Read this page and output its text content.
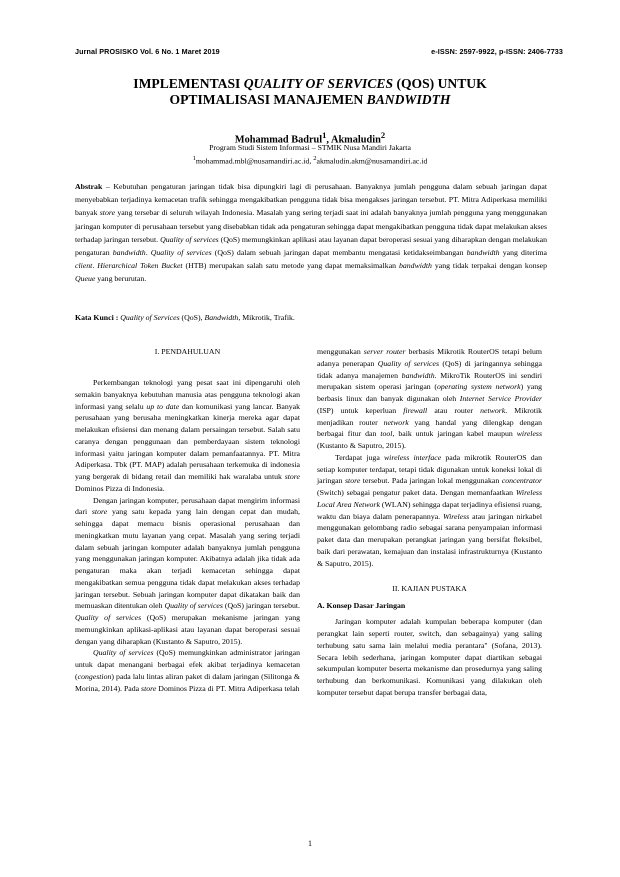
Jurnal PROSISKO Vol. 6 No. 1 Maret 2019	e-ISSN: 2597-9922, p-ISSN: 2406-7733
IMPLEMENTASI QUALITY OF SERVICES (QOS) UNTUK
OPTIMALISASI MANAJEMEN BANDWIDTH
Mohammad Badrul$^1$, Akmaludin$^2$
Program Studi Sistem Informasi – STMIK Nusa Mandiri Jakarta
$^1$mohammad.mbl@nusamandiri.ac.id, $^2$akmaludin.akm@nusamandiri.ac.id
Abstrak – Kebutuhan pengaturan jaringan tidak bisa dipungkiri lagi di perusahaan. Banyaknya jumlah pengguna dalam sebuah jaringan dapat menyebabkan terjadinya kemacetan trafik sehingga mengakibatkan pengguna tidak bisa mengakses jaringan tersebut. PT. Mitra Adiperkasa memiliki banyak store yang tersebar di seluruh wilayah Indonesia. Masalah yang sering terjadi saat ini adalah banyaknya jumlah pengguna yang menggunakan jaringan komputer di perusahaan tersebut yang disebabkan tidak ada pengaturan sehingga dapat mengakibatkan pengguna tidak dapat melakukan akses terhadap jaringan tersebut. Quality of services (QoS) memungkinkan aplikasi atau layanan dapat beroperasi sesuai yang diharapkan dengan melakukan pengaturan bandwidth. Quality of services (QoS) dalam sebuah jaringan dapat membantu mengatasi ketidakseimbangan bandwidth yang diterima client. Hierarchical Token Bucket (HTB) merupakan salah satu metode yang dapat memaksimalkan bandwidth yang tidak terpakai dengan konsep Queue yang berurutan.
Kata Kunci : Quality of Services (QoS), Bandwidth, Mikrotik, Trafik.
I. PENDAHULUAN

Perkembangan teknologi yang pesat saat ini dipengaruhi oleh semakin banyaknya kebutuhan manusia atas pengguna teknologi akan informasi yang selalu up to date dan komunikasi yang lancar. Banyak perusahaan yang berusaha meningkatkan kinerja mereka agar dapat melakukan efisiensi dan menang dalam persaingan tersebut. Salah satu caranya dengan penggunaan dan pemberdayaan sistem teknologi informasi yaitu jaringan komputer dalam pemanfaatannya. PT. Mitra Adiperkasa. Tbk (PT. MAP) adalah perusahaan terkemuka di indonesia yang bergerak di bidang retail dan memiliki hak waralaba untuk store Dominos Pizza di Indonesia.

Dengan jaringan komputer, perusahaan dapat mengirim informasi dari store yang satu kepada yang lain dengan cepat dan mudah, sehingga dapat memacu bisnis operasional perusahaan dan meningkatkan mutu layanan yang cepat. Masalah yang sering terjadi dalam sebuah jaringan komputer adalah banyaknya jumlah pengguna yang menggunakan jaringan komputer. Akibatnya adalah jika tidak ada pengaturan maka akan terjadi kemacetan sehingga dapat mengakibatkan semua pengguna tidak dapat melakukan akses terhadap jaringan tersebut. Sebuah jaringan komputer dapat dikatakan baik dan memuaskan ditentukan oleh Quality of services (QoS) jaringan tersebut. Quality of services (QoS) merupakan mekanisme jaringan yang memungkinkan aplikasi-aplikasi atau layanan dapat beroperasi sesuai dengan yang diharapkan (Kustanto & Saputro, 2015).

Quality of services (QoS) memungkinkan administrator jaringan untuk dapat menangani berbagai efek akibat terjadinya kemacetan (congestion) pada lalu lintas aliran paket di dalam jaringan (Silitonga & Morina, 2014). Pada store Dominos Pizza di PT. Mitra Adiperkasa telah

menggunakan server router berbasis Mikrotik RouterOS tetapi belum adanya penerapan Quality of services (QoS) di jaringannya sehingga tidak adanya manajemen bandwidth. MikroTik RouterOS ini sendiri merupakan sistem operasi jaringan (operating system network) yang berbasis linux dan banyak digunakan oleh Internet Service Provider (ISP) untuk keperluan firewall atau router network. Mikrotik menjadikan router network yang handal yang dilengkap dengan berbagai fitur dan tool, baik untuk jaringan kabel maupun wireless (Kustanto & Saputro, 2015).

Terdapat juga wireless interface pada mikrotik RouterOS dan setiap komputer terdapat, tetapi tidak digunakan untuk koneksi lokal di jaringan store tersebut. Pada jaringan lokal menggunakan concentrator (Switch) sebagai pengatur paket data. Dengan memanfaatkan Wireless Local Area Network (WLAN) sehingga dapat terjadinya efisiensi ruang, waktu dan biaya dalam penerapannya. Wireless atau jaringan nirkabel menggunakan gelombang radio sebagai sarana penyampaian informasi paket data dan merupakan perangkat jaringan yang bersifat fleksibel, baik dari perawatan, kemajuan dan instalasi infrastrukturnya (Kustanto & Saputro, 2015).

II. KAJIAN PUSTAKA
A. Konsep Dasar Jaringan

Jaringan komputer adalah kumpulan beberapa komputer (dan perangkat lain seperti router, switch, dan sebagainya) yang saling terhubung satu sama lain melalui media perantara" (Sofana, 2013). Secara lebih sederhana, jaringan komputer dapat diartikan sebagai sekumpulan komputer beserta mekanisme dan prosedurnya yang saling terhubung dan berkomunikasi. Komunikasi yang dilakukan oleh komputer tersebut dapat berupa transfer berbagai data,

1
